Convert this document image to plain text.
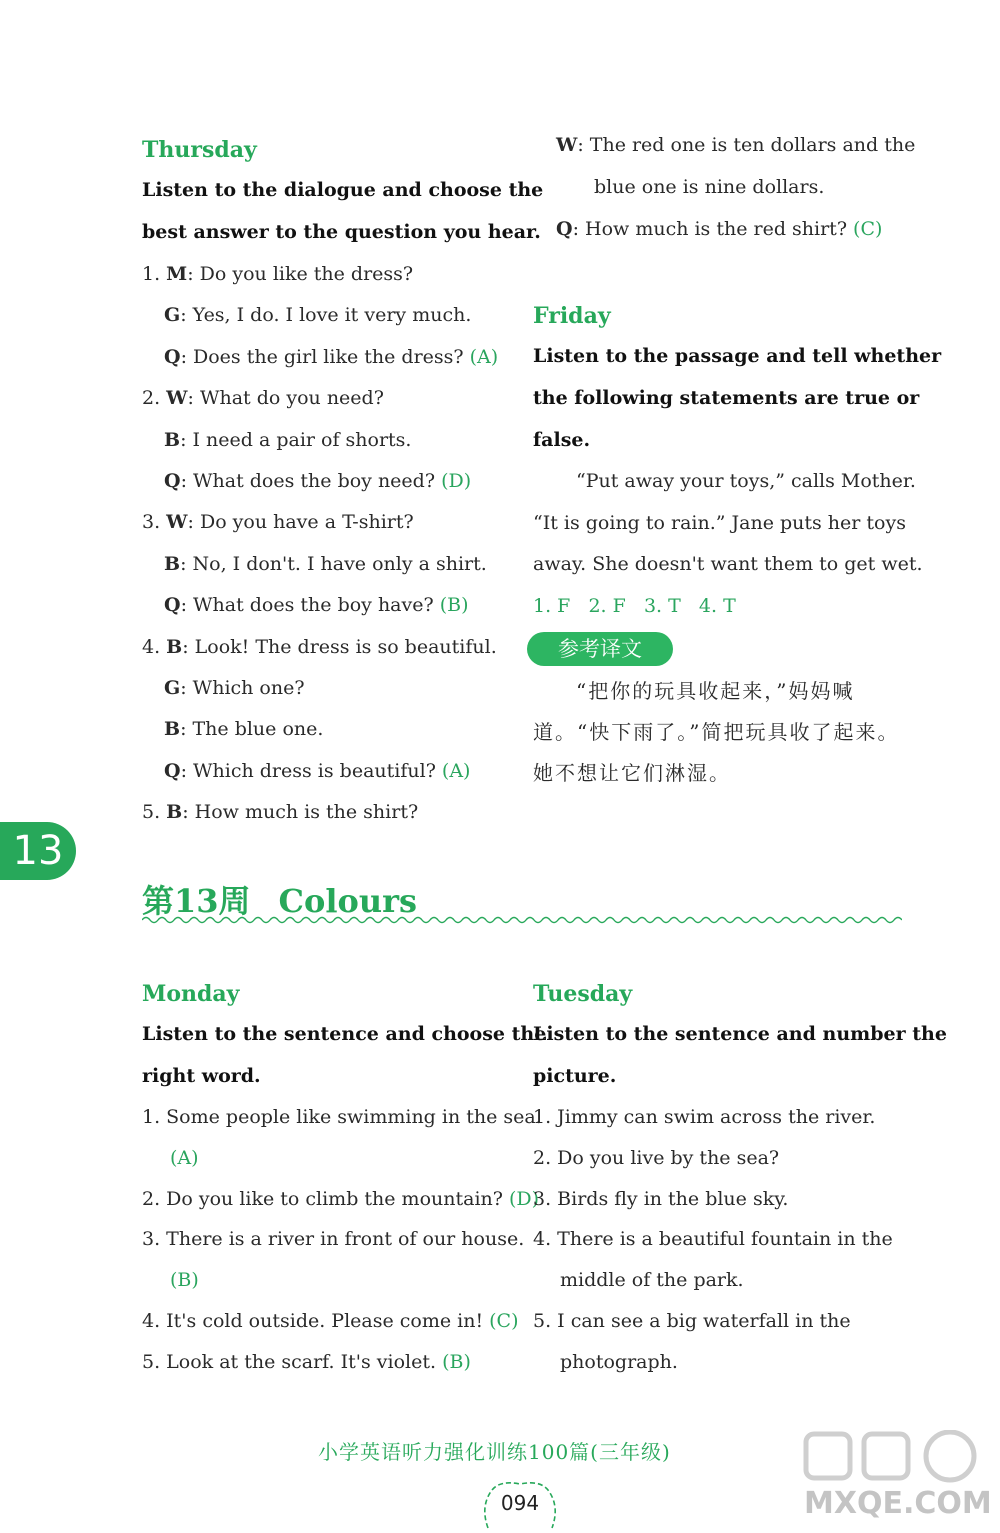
Thursday
Listen to the dialogue and choose the
best answer to the question you hear.
1. M: Do you like the dress?
G: Yes, I do. I love it very much.
Q: Does the girl like the dress? (A)
2. W: What do you need?
B: I need a pair of shorts.
Q: What does the boy need? (D)
3. W: Do you have a T-shirt?
B: No, I don't. I have only a shirt.
Q: What does the boy have? (B)
4. B: Look! The dress is so beautiful.
G: Which one?
B: The blue one.
Q: Which dress is beautiful? (A)
5. B: How much is the shirt?
W: The red one is ten dollars and the
blue one is nine dollars.
Q: How much is the red shirt? (C)
Friday
Listen to the passage and tell whether
the following statements are true or
false.
“Put away your toys,” calls Mother.
“It is going to rain.” Jane puts her toys
away. She doesn't want them to get wet.
1. F   2. F   3. T   4. T
参考译文
“把你的玩具收起来，”妈妈喊
道。“快下雨了。”简把玩具收了起来。
她不想让它们淋湿。
13
第13周 Colours
Monday
Listen to the sentence and choose the
right word.
1. Some people like swimming in the sea.
(A)
2. Do you like to climb the mountain? (D)
3. There is a river in front of our house.
(B)
4. It's cold outside. Please come in! (C)
5. Look at the scarf. It's violet. (B)
Tuesday
Listen to the sentence and number the
picture.
1. Jimmy can swim across the river.
2. Do you live by the sea?
3. Birds fly in the blue sky.
4. There is a beautiful fountain in the
middle of the park.
5. I can see a big waterfall in the
photograph.
小学英语听力强化训练100篇(三年级)
094	MXQE.COM
